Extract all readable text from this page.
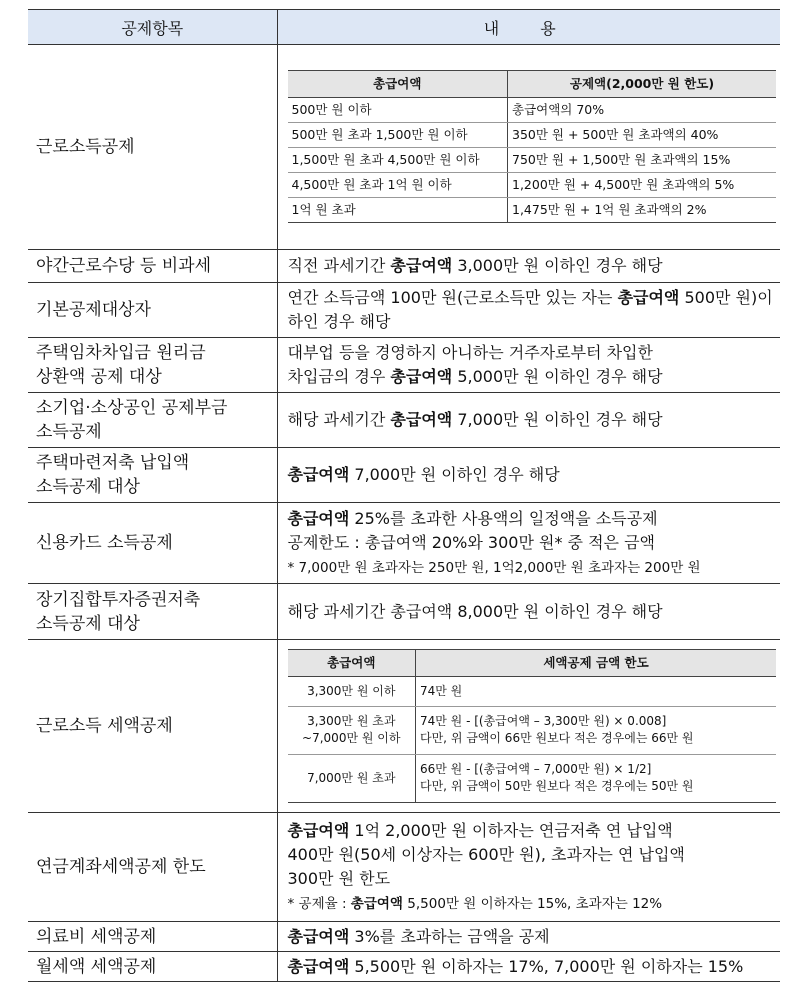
공제항목	내 용
근로소득공제	
총급여액	공제액(2,000만 원 한도)
500만 원 이하	총급여액의 70%
500만 원 초과 1,500만 원 이하	350만 원 + 500만 원 초과액의 40%
1,500만 원 초과 4,500만 원 이하	750만 원 + 1,500만 원 초과액의 15%
4,500만 원 초과 1억 원 이하	1,200만 원 + 4,500만 원 초과액의 5%
1억 원 초과	1,475만 원 + 1억 원 초과액의 2%

야간근로수당 등 비과세	직전 과세기간 총급여액 3,000만 원 이하인 경우 해당
기본공제대상자	연간 소득금액 100만 원(근로소득만 있는 자는 총급여액 500만 원)이하인 경우 해당
주택임차차입금 원리금
상환액 공제 대상	대부업 등을 경영하지 아니하는 거주자로부터 차입한
차입금의 경우 총급여액 5,000만 원 이하인 경우 해당
소기업·소상공인 공제부금
소득공제	해당 과세기간 총급여액 7,000만 원 이하인 경우 해당
주택마련저축 납입액
소득공제 대상	총급여액 7,000만 원 이하인 경우 해당
신용카드 소득공제	총급여액 25%를 초과한 사용액의 일정액을 소득공제
공제한도 : 총급여액 20%와 300만 원* 중 적은 금액
* 7,000만 원 초과자는 250만 원, 1억2,000만 원 초과자는 200만 원
장기집합투자증권저축
소득공제 대상	해당 과세기간 총급여액 8,000만 원 이하인 경우 해당
근로소득 세액공제	
총급여액	세액공제 금액 한도
3,300만 원 이하	74만 원
3,300만 원 초과
~7,000만 원 이하	74만 원 - [(총급여액 – 3,300만 원) × 0.008]
다만, 위 금액이 66만 원보다 적은 경우에는 66만 원
7,000만 원 초과	66만 원 - [(총급여액 – 7,000만 원) × 1/2]
다만, 위 금액이 50만 원보다 적은 경우에는 50만 원

연금계좌세액공제 한도	총급여액 1억 2,000만 원 이하자는 연금저축 연 납입액
400만 원(50세 이상자는 600만 원), 초과자는 연 납입액
300만 원 한도
* 공제율 : 총급여액 5,500만 원 이하자는 15%, 초과자는 12%
의료비 세액공제	총급여액 3%를 초과하는 금액을 공제
월세액 세액공제	총급여액 5,500만 원 이하자는 17%, 7,000만 원 이하자는 15%
